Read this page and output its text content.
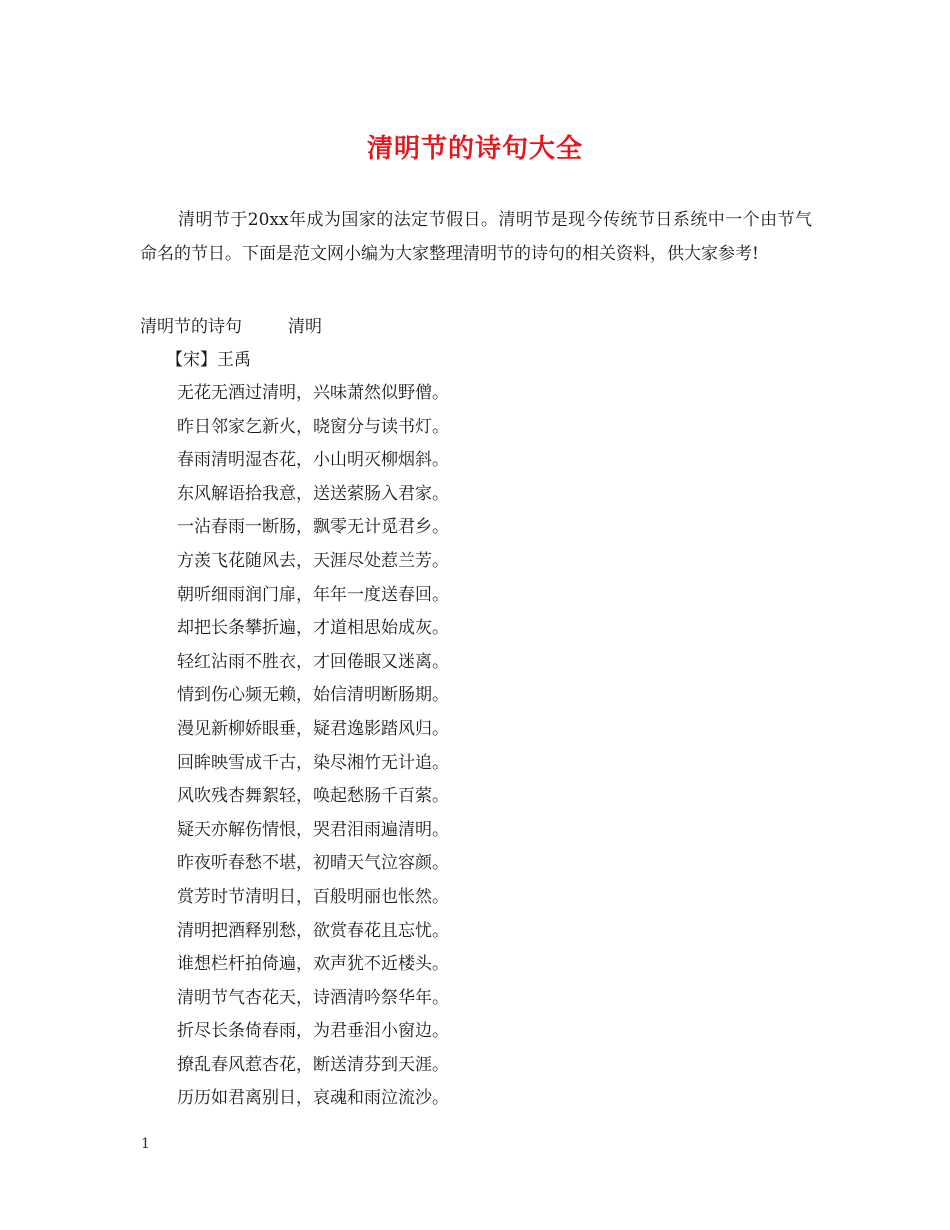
清明节的诗句大全

清明节于20xx年成为国家的法定节假日。清明节是现今传统节日系统中一个由节气命名的节日。下面是范文网小编为大家整理清明节的诗句的相关资料，供大家参考!

清明节的诗句	清明
【宋】王禹
无花无酒过清明，兴味萧然似野僧。
昨日邻家乞新火，晓窗分与读书灯。
春雨清明湿杏花，小山明灭柳烟斜。
东风解语拾我意，送送萦肠入君家。
一沾春雨一断肠，飘零无计觅君乡。
方羡飞花随风去，天涯尽处惹兰芳。
朝听细雨润门扉，年年一度送春回。
却把长条攀折遍，才道相思始成灰。
轻红沾雨不胜衣，才回倦眼又迷离。
情到伤心频无赖，始信清明断肠期。
漫见新柳娇眼垂，疑君逸影踏风归。
回眸映雪成千古，染尽湘竹无计追。
风吹残杏舞絮轻，唤起愁肠千百萦。
疑天亦解伤情恨，哭君泪雨遍清明。
昨夜听春愁不堪，初晴天气泣容颜。
赏芳时节清明日，百般明丽也怅然。
清明把酒释别愁，欲赏春花且忘忧。
谁想栏杆拍倚遍，欢声犹不近楼头。
清明节气杏花天，诗酒清吟祭华年。
折尽长条倚春雨，为君垂泪小窗边。
撩乱春风惹杏花，断送清芬到天涯。
历历如君离别日，哀魂和雨泣流沙。
1
